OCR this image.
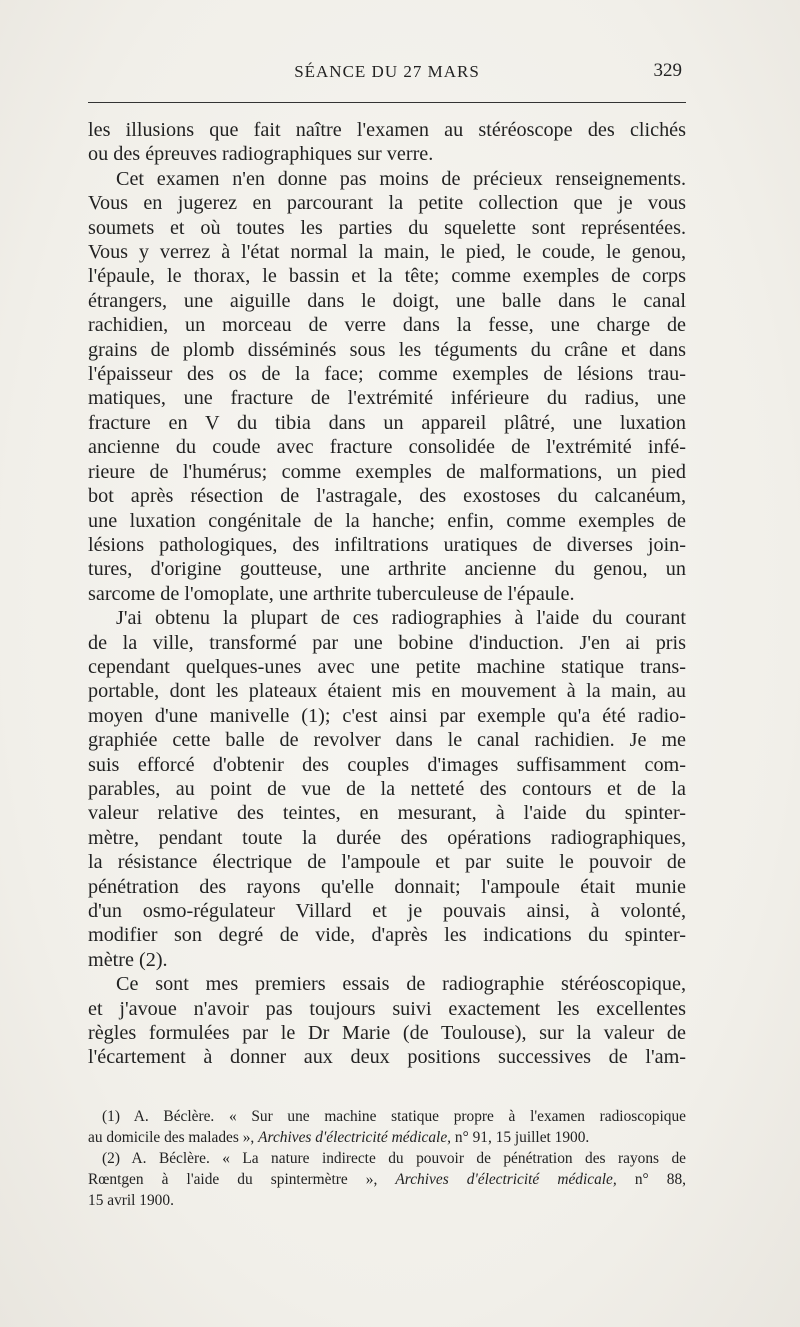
SÉANCE DU 27 MARS	329

les illusions que fait naître l'examen au stéréoscope des clichés
ou des épreuves radiographiques sur verre.

Cet examen n'en donne pas moins de précieux renseignements.
Vous en jugerez en parcourant la petite collection que je vous
soumets et où toutes les parties du squelette sont représentées.
Vous y verrez à l'état normal la main, le pied, le coude, le genou,
l'épaule, le thorax, le bassin et la tête; comme exemples de corps
étrangers, une aiguille dans le doigt, une balle dans le canal
rachidien, un morceau de verre dans la fesse, une charge de
grains de plomb disséminés sous les téguments du crâne et dans
l'épaisseur des os de la face; comme exemples de lésions trau-
matiques, une fracture de l'extrémité inférieure du radius, une
fracture en V du tibia dans un appareil plâtré, une luxation
ancienne du coude avec fracture consolidée de l'extrémité infé-
rieure de l'humérus; comme exemples de malformations, un pied
bot après résection de l'astragale, des exostoses du calcanéum,
une luxation congénitale de la hanche; enfin, comme exemples de
lésions pathologiques, des infiltrations uratiques de diverses join-
tures, d'origine goutteuse, une arthrite ancienne du genou, un
sarcome de l'omoplate, une arthrite tuberculeuse de l'épaule.

J'ai obtenu la plupart de ces radiographies à l'aide du courant
de la ville, transformé par une bobine d'induction. J'en ai pris
cependant quelques-unes avec une petite machine statique trans-
portable, dont les plateaux étaient mis en mouvement à la main, au
moyen d'une manivelle (1); c'est ainsi par exemple qu'a été radio-
graphiée cette balle de revolver dans le canal rachidien. Je me
suis efforcé d'obtenir des couples d'images suffisamment com-
parables, au point de vue de la netteté des contours et de la
valeur relative des teintes, en mesurant, à l'aide du spinter-
mètre, pendant toute la durée des opérations radiographiques,
la résistance électrique de l'ampoule et par suite le pouvoir de
pénétration des rayons qu'elle donnait; l'ampoule était munie
d'un osmo-régulateur Villard et je pouvais ainsi, à volonté,
modifier son degré de vide, d'après les indications du spinter-
mètre (2).

Ce sont mes premiers essais de radiographie stéréoscopique,
et j'avoue n'avoir pas toujours suivi exactement les excellentes
règles formulées par le Dr Marie (de Toulouse), sur la valeur de
l'écartement à donner aux deux positions successives de l'am-

(1) A. Béclère. « Sur une machine statique propre à l'examen radioscopique
au domicile des malades », Archives d'électricité médicale, n° 91, 15 juillet 1900.
(2) A. Béclère. « La nature indirecte du pouvoir de pénétration des rayons de
Rœntgen à l'aide du spintermètre », Archives d'électricité médicale, n° 88,
15 avril 1900.
